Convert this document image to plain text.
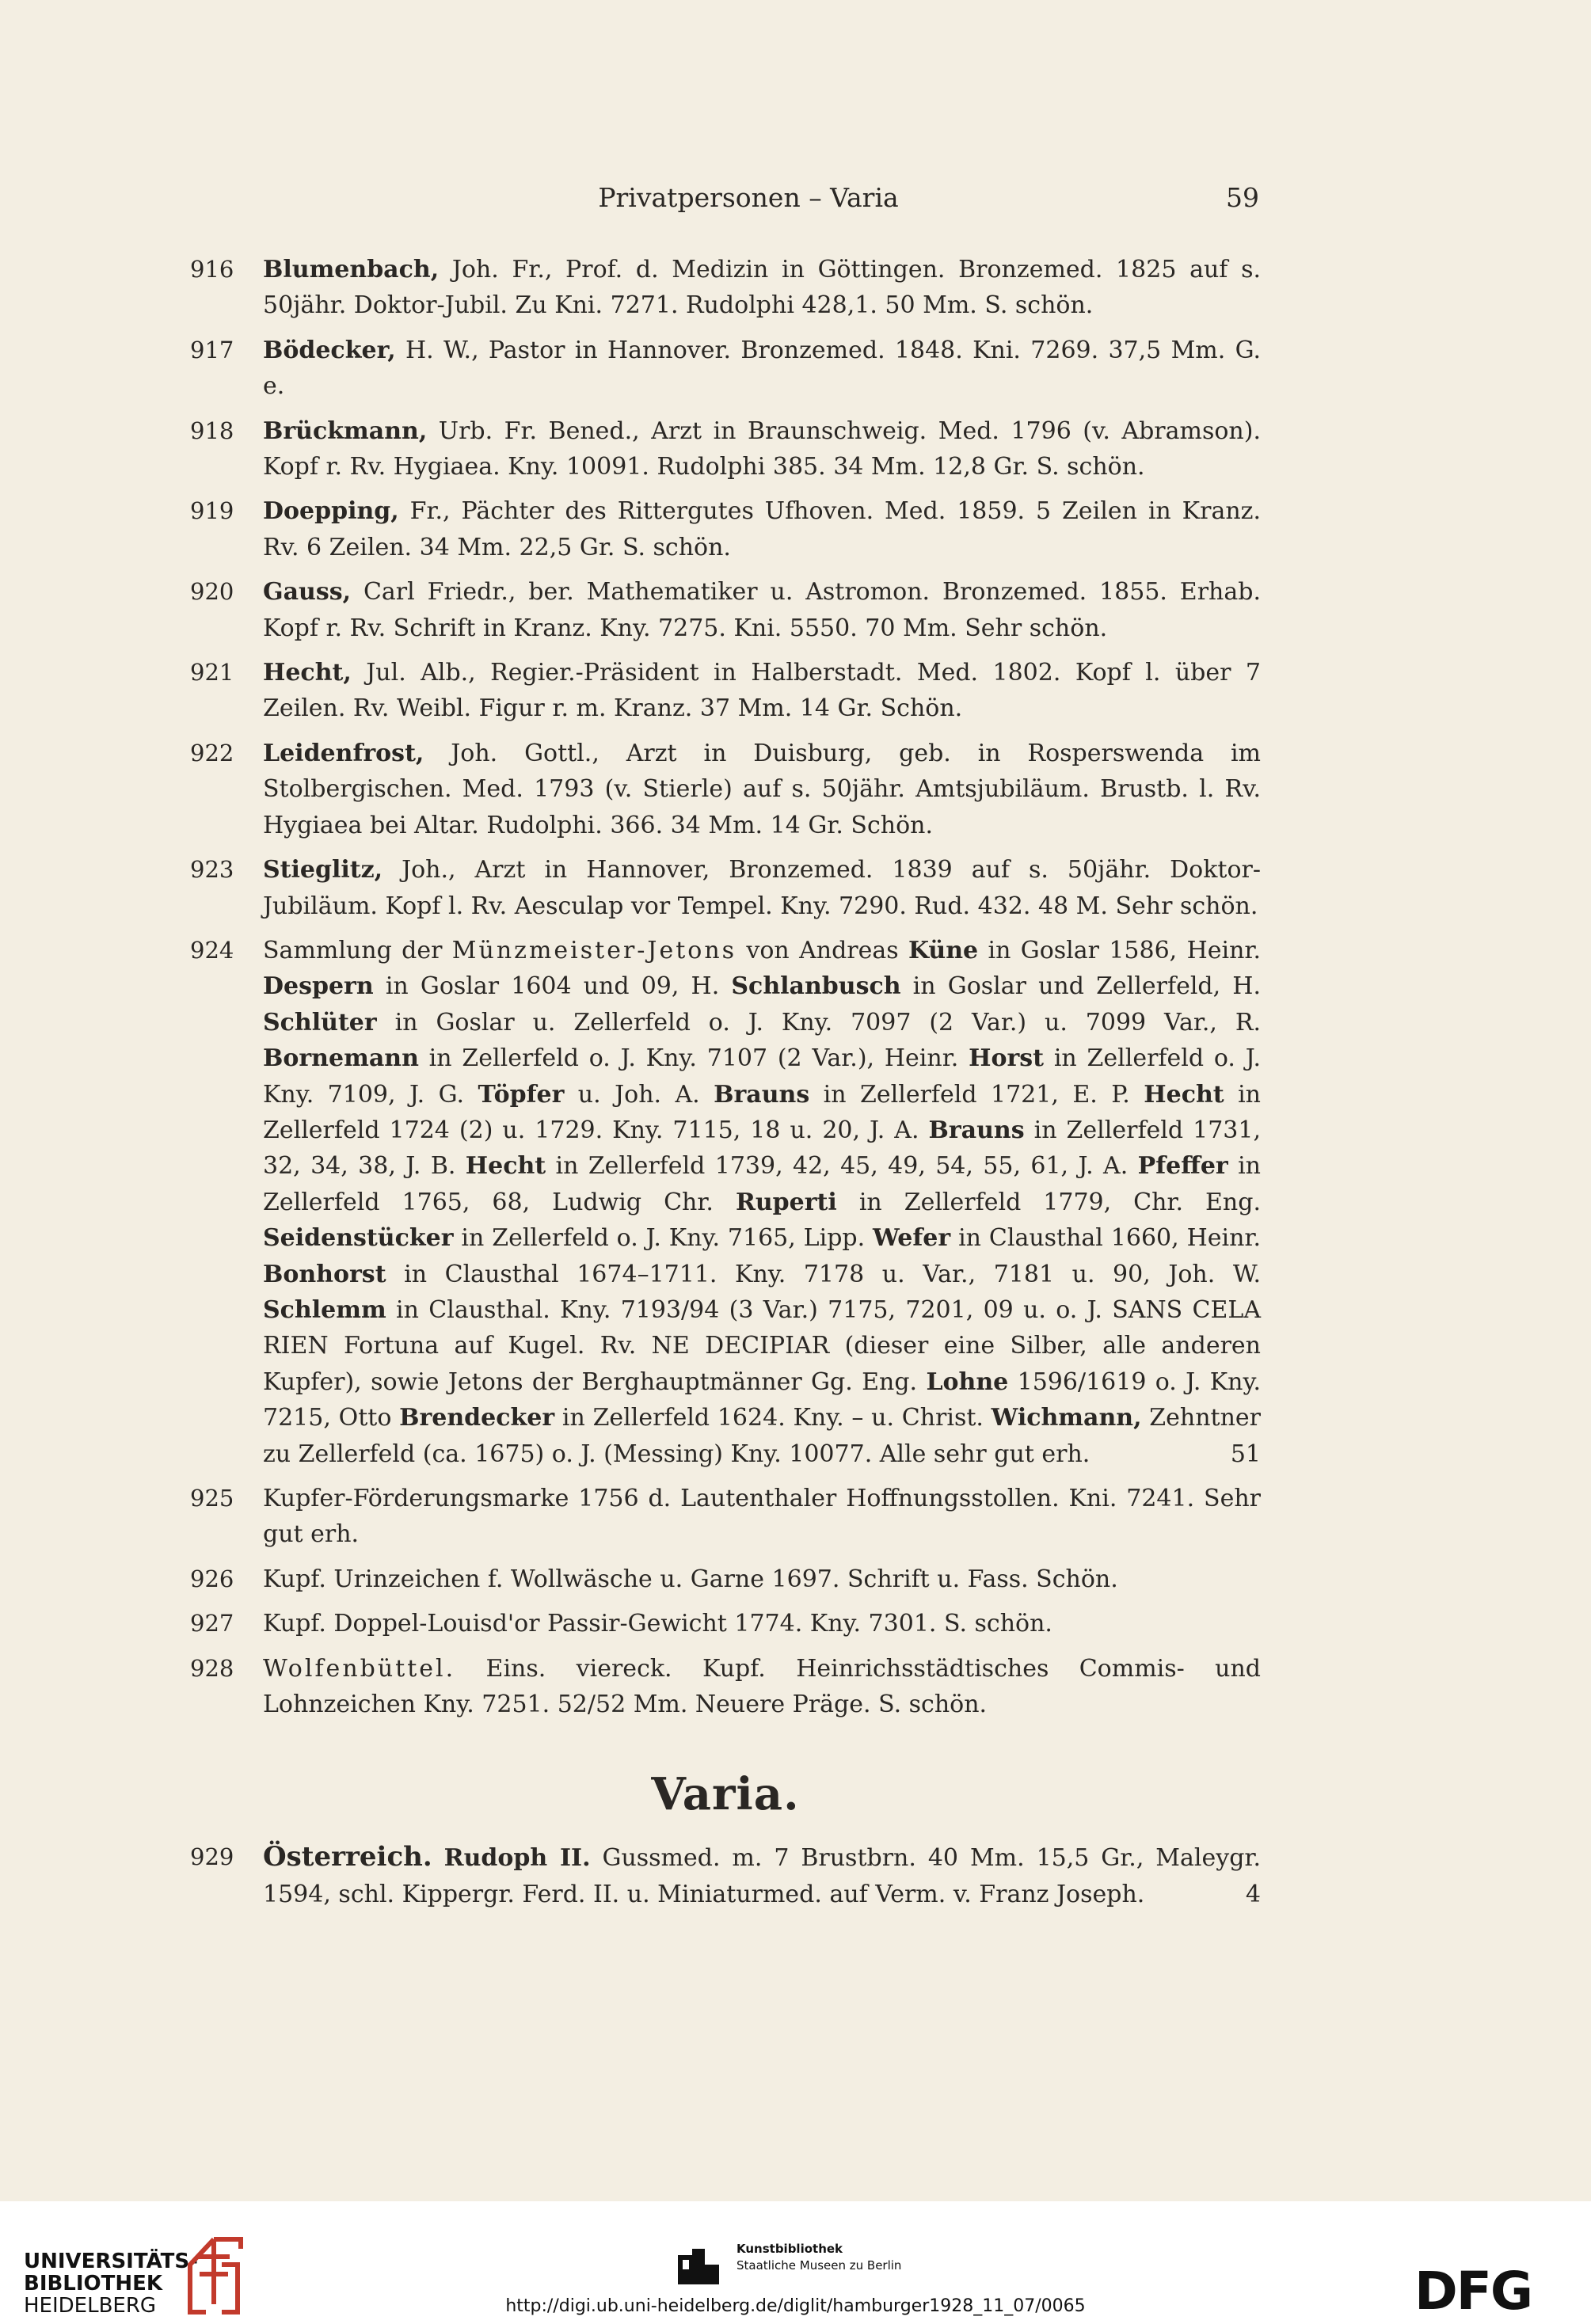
Privatpersonen – Varia	59
916 Blumenbach, Joh. Fr., Prof. d. Medizin in Göttingen. Bronzemed. 1825 auf s. 50jähr. Doktor-Jubil. Zu Kni. 7271. Rudolphi 428,1. 50 Mm. S. schön.
917 Bödecker, H. W., Pastor in Hannover. Bronzemed. 1848. Kni. 7269. 37,5 Mm. G. e.
918 Brückmann, Urb. Fr. Bened., Arzt in Braunschweig. Med. 1796 (v. Abramson). Kopf r. Rv. Hygiaea. Kny. 10091. Rudolphi 385. 34 Mm. 12,8 Gr. S. schön.
919 Doepping, Fr., Pächter des Rittergutes Ufhoven. Med. 1859. 5 Zeilen in Kranz. Rv. 6 Zeilen. 34 Mm. 22,5 Gr. S. schön.
920 Gauss, Carl Friedr., ber. Mathematiker u. Astromon. Bronzemed. 1855. Erhab. Kopf r. Rv. Schrift in Kranz. Kny. 7275. Kni. 5550. 70 Mm. Sehr schön.
921 Hecht, Jul. Alb., Regier.-Präsident in Halberstadt. Med. 1802. Kopf l. über 7 Zeilen. Rv. Weibl. Figur r. m. Kranz. 37 Mm. 14 Gr. Schön.
922 Leidenfrost, Joh. Gottl., Arzt in Duisburg, geb. in Rosperswenda im Stolbergischen. Med. 1793 (v. Stierle) auf s. 50jähr. Amtsjubiläum. Brustb. l. Rv. Hygiaea bei Altar. Rudolphi. 366. 34 Mm. 14 Gr. Schön.
923 Stieglitz, Joh., Arzt in Hannover, Bronzemed. 1839 auf s. 50jähr. Doktor-Jubiläum. Kopf l. Rv. Aesculap vor Tempel. Kny. 7290. Rud. 432. 48 M. Sehr schön.
924 Sammlung der Münzmeister-Jetons von Andreas Küne in Goslar 1586, Heinr. Despern in Goslar 1604 und 09, H. Schlanbusch in Goslar und Zellerfeld, H. Schlüter in Goslar u. Zellerfeld o. J. Kny. 7097 (2 Var.) u. 7099 Var., R. Bornemann in Zellerfeld o. J. Kny. 7107 (2 Var.), Heinr. Horst in Zellerfeld o. J. Kny. 7109, J. G. Töpfer u. Joh. A. Brauns in Zellerfeld 1721, E. P. Hecht in Zellerfeld 1724 (2) u. 1729. Kny. 7115, 18 u. 20, J. A. Brauns in Zellerfeld 1731, 32, 34, 38, J. B. Hecht in Zellerfeld 1739, 42, 45, 49, 54, 55, 61, J. A. Pfeffer in Zellerfeld 1765, 68, Ludwig Chr. Ruperti in Zellerfeld 1779, Chr. Eng. Seidenstücker in Zellerfeld o. J. Kny. 7165, Lipp. Wefer in Clausthal 1660, Heinr. Bonhorst in Clausthal 1674–1711. Kny. 7178 u. Var., 7181 u. 90, Joh. W. Schlemm in Clausthal. Kny. 7193/94 (3 Var.) 7175, 7201, 09 u. o. J. SANS CELA RIEN Fortuna auf Kugel. Rv. NE DECIPIAR (dieser eine Silber, alle anderen Kupfer), sowie Jetons der Berghauptmänner Gg. Eng. Lohne 1596/1619 o. J. Kny. 7215, Otto Brendecker in Zellerfeld 1624. Kny. – u. Christ. Wichmann, Zehntner zu Zellerfeld (ca. 1675) o. J. (Messing) Kny. 10077. Alle sehr gut erh.	51
925 Kupfer-Förderungsmarke 1756 d. Lautenthaler Hoffnungsstollen. Kni. 7241. Sehr gut erh.
926 Kupf. Urinzeichen f. Wollwäsche u. Garne 1697. Schrift u. Fass. Schön.
927 Kupf. Doppel-Louisd'or Passir-Gewicht 1774. Kny. 7301. S. schön.
928 Wolfenbüttel. Eins. viereck. Kupf. Heinrichsstädtisches Commis- und Lohnzeichen Kny. 7251. 52/52 Mm. Neuere Präge. S. schön.
Varia.
929 Österreich. Rudoph II. Gussmed. m. 7 Brustbrn. 40 Mm. 15,5 Gr., Maleygr. 1594, schl. Kippergr. Ferd. II. u. Miniaturmed. auf Verm. v. Franz Joseph.	4
UNIVERSITÄTS-
BIBLIOTHEK
HEIDELBERG
Kunstbibliothek
Staatliche Museen zu Berlin	DFG
http://digi.ub.uni-heidelberg.de/diglit/hamburger1928_11_07/0065
